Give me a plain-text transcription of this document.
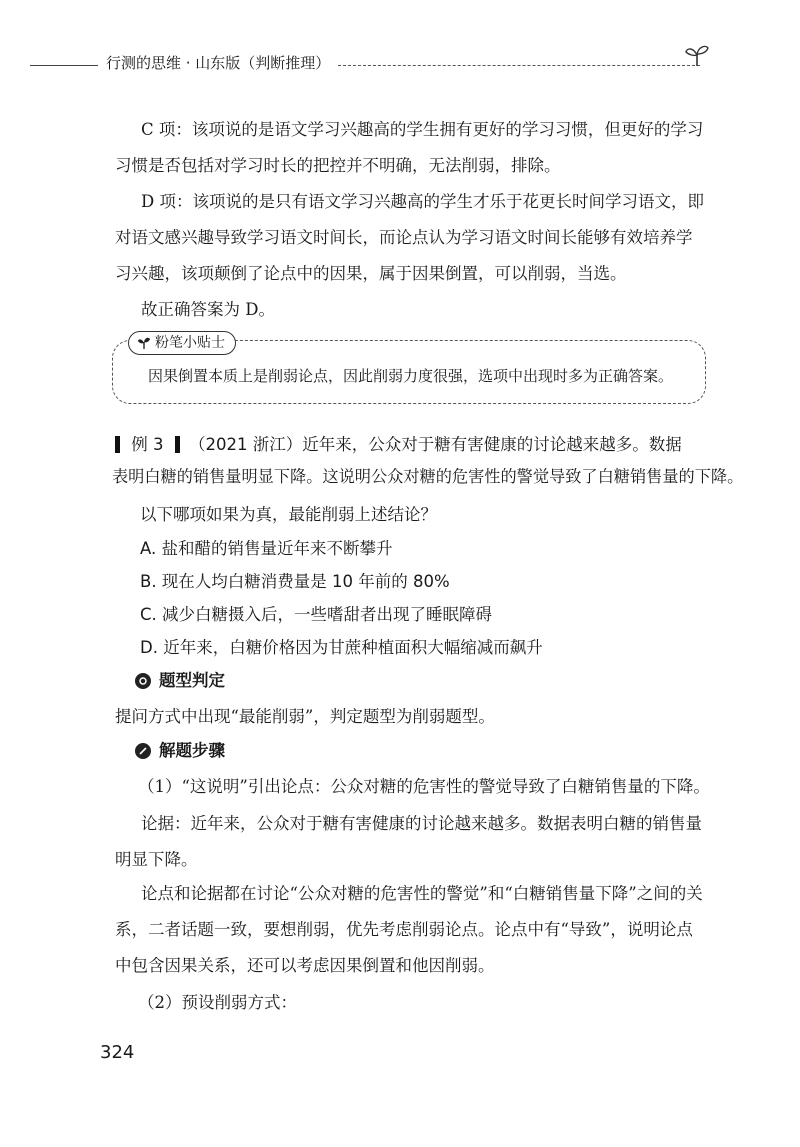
行测的思维 · 山东版（判断推理）

C 项：该项说的是语文学习兴趣高的学生拥有更好的学习习惯，但更好的学习习惯是否包括对学习时长的把控并不明确，无法削弱，排除。

D 项：该项说的是只有语文学习兴趣高的学生才乐于花更长时间学习语文，即对语文感兴趣导致学习语文时间长，而论点认为学习语文时间长能够有效培养学习兴趣，该项颠倒了论点中的因果，属于因果倒置，可以削弱，当选。

故正确答案为 D。

粉笔小贴士
因果倒置本质上是削弱论点，因此削弱力度很强，选项中出现时多为正确答案。
例 3 （2021 浙江）近年来，公众对于糖有害健康的讨论越来越多。数据
表明白糖的销售量明显下降。这说明公众对糖的危害性的警觉导致了白糖销售量的下降。
以下哪项如果为真，最能削弱上述结论？
A. 盐和醋的销售量近年来不断攀升
B. 现在人均白糖消费量是 10 年前的 80%
C. 减少白糖摄入后，一些嗜甜者出现了睡眠障碍
D. 近年来，白糖价格因为甘蔗种植面积大幅缩减而飙升
题型判定
提问方式中出现“最能削弱”，判定题型为削弱题型。
解题步骤
（1）“这说明”引出论点：公众对糖的危害性的警觉导致了白糖销售量的下降。

论据：近年来，公众对于糖有害健康的讨论越来越多。数据表明白糖的销售量明显下降。

论点和论据都在讨论“公众对糖的危害性的警觉”和“白糖销售量下降”之间的关系，二者话题一致，要想削弱，优先考虑削弱论点。论点中有“导致”，说明论点中包含因果关系，还可以考虑因果倒置和他因削弱。

（2）预设削弱方式：
324
